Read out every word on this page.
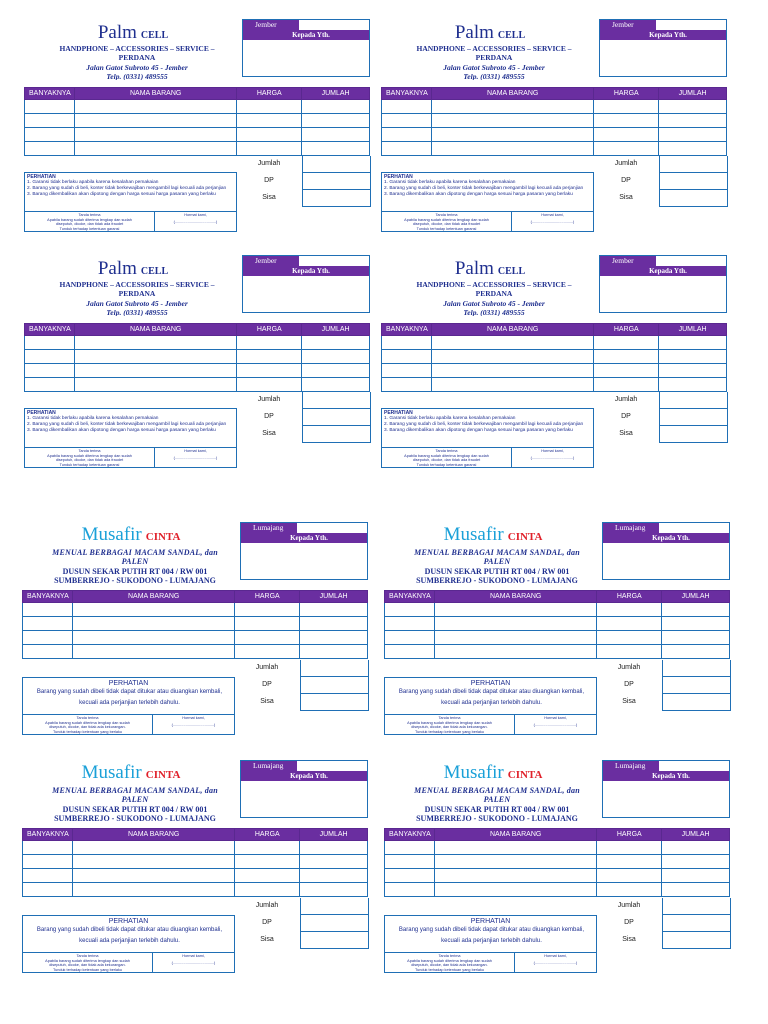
Palm CELL
HANDPHONE – ACCESSORIES – SERVICE – PERDANA
Jalan Gatot Subroto 45 - Jember
Telp. (0331) 489555
Jember
Kepada Yth.
BANYAKNYA	NAMA BARANG	HARGA	JUMLAH

Jumlah
DP
Sisa
PERHATIAN
1. Garansi tidak berlaku apabila karena kesalahan pemakaian
2. Barang yang sudah di beli, konter tidak berkewajiban mengambil lagi kecuali ada perjanjian
3. Barang dikembalikan akan dipotong dengan harga sesuai harga pasaran yang berlaku
Tanda terima
Apabila barang sudah diterima lengkap dan sudah
diseputuh, dicoke, dan tidak ada fraudet
Tunduk terhadap ketentuan garansi
Hormat kami,
(.......................................)
Palm CELL
HANDPHONE – ACCESSORIES – SERVICE – PERDANA
Jalan Gatot Subroto 45 - Jember
Telp. (0331) 489555
Jember
Kepada Yth.
BANYAKNYA	NAMA BARANG	HARGA	JUMLAH

Jumlah
DP
Sisa
PERHATIAN
1. Garansi tidak berlaku apabila karena kesalahan pemakaian
2. Barang yang sudah di beli, konter tidak berkewajiban mengambil lagi kecuali ada perjanjian
3. Barang dikembalikan akan dipotong dengan harga sesuai harga pasaran yang berlaku
Tanda terima
Apabila barang sudah diterima lengkap dan sudah
diseputuh, dicoke, dan tidak ada fraudet
Tunduk terhadap ketentuan garansi
Hormat kami,
(.......................................)
Palm CELL
HANDPHONE – ACCESSORIES – SERVICE – PERDANA
Jalan Gatot Subroto 45 - Jember
Telp. (0331) 489555
Jember
Kepada Yth.
BANYAKNYA	NAMA BARANG	HARGA	JUMLAH

Jumlah
DP
Sisa
PERHATIAN
1. Garansi tidak berlaku apabila karena kesalahan pemakaian
2. Barang yang sudah di beli, konter tidak berkewajiban mengambil lagi kecuali ada perjanjian
3. Barang dikembalikan akan dipotong dengan harga sesuai harga pasaran yang berlaku
Tanda terima
Apabila barang sudah diterima lengkap dan sudah
diseputuh, dicoke, dan tidak ada fraudet
Tunduk terhadap ketentuan garansi
Hormat kami,
(.......................................)
Palm CELL
HANDPHONE – ACCESSORIES – SERVICE – PERDANA
Jalan Gatot Subroto 45 - Jember
Telp. (0331) 489555
Jember
Kepada Yth.
BANYAKNYA	NAMA BARANG	HARGA	JUMLAH

Jumlah
DP
Sisa
PERHATIAN
1. Garansi tidak berlaku apabila karena kesalahan pemakaian
2. Barang yang sudah di beli, konter tidak berkewajiban mengambil lagi kecuali ada perjanjian
3. Barang dikembalikan akan dipotong dengan harga sesuai harga pasaran yang berlaku
Tanda terima
Apabila barang sudah diterima lengkap dan sudah
diseputuh, dicoke, dan tidak ada fraudet
Tunduk terhadap ketentuan garansi
Hormat kami,
(.......................................)
Musafir CINTA
MENUAL BERBAGAI MACAM SANDAL, dan PALEN
DUSUN SEKAR PUTIH RT 004 / RW 001
SUMBERREJO - SUKODONO - LUMAJANG
Lumajang
Kepada Yth.
BANYAKNYA	NAMA BARANG	HARGA	JUMLAH

Jumlah
DP
Sisa
PERHATIAN
Barang yang sudah dibeli tidak dapat ditukar atau diuangkan kembali,
kecuali ada perjanjian terlebih dahulu.
Tanda terima
Apabila barang sudah diterima lengkap dan sudah
diseputuh, dicoke, dan tidak ada kekurangan.
Tunduk terhadap ketentuan yang berlaku
Hormat kami,
(.......................................)
Musafir CINTA
MENUAL BERBAGAI MACAM SANDAL, dan PALEN
DUSUN SEKAR PUTIH RT 004 / RW 001
SUMBERREJO - SUKODONO - LUMAJANG
Lumajang
Kepada Yth.
BANYAKNYA	NAMA BARANG	HARGA	JUMLAH

Jumlah
DP
Sisa
PERHATIAN
Barang yang sudah dibeli tidak dapat ditukar atau diuangkan kembali,
kecuali ada perjanjian terlebih dahulu.
Tanda terima
Apabila barang sudah diterima lengkap dan sudah
diseputuh, dicoke, dan tidak ada kekurangan.
Tunduk terhadap ketentuan yang berlaku
Hormat kami,
(.......................................)
Musafir CINTA
MENUAL BERBAGAI MACAM SANDAL, dan PALEN
DUSUN SEKAR PUTIH RT 004 / RW 001
SUMBERREJO - SUKODONO - LUMAJANG
Lumajang
Kepada Yth.
BANYAKNYA	NAMA BARANG	HARGA	JUMLAH

Jumlah
DP
Sisa
PERHATIAN
Barang yang sudah dibeli tidak dapat ditukar atau diuangkan kembali,
kecuali ada perjanjian terlebih dahulu.
Tanda terima
Apabila barang sudah diterima lengkap dan sudah
diseputuh, dicoke, dan tidak ada kekurangan.
Tunduk terhadap ketentuan yang berlaku
Hormat kami,
(.......................................)
Musafir CINTA
MENUAL BERBAGAI MACAM SANDAL, dan PALEN
DUSUN SEKAR PUTIH RT 004 / RW 001
SUMBERREJO - SUKODONO - LUMAJANG
Lumajang
Kepada Yth.
BANYAKNYA	NAMA BARANG	HARGA	JUMLAH

Jumlah
DP
Sisa
PERHATIAN
Barang yang sudah dibeli tidak dapat ditukar atau diuangkan kembali,
kecuali ada perjanjian terlebih dahulu.
Tanda terima
Apabila barang sudah diterima lengkap dan sudah
diseputuh, dicoke, dan tidak ada kekurangan.
Tunduk terhadap ketentuan yang berlaku
Hormat kami,
(.......................................)
